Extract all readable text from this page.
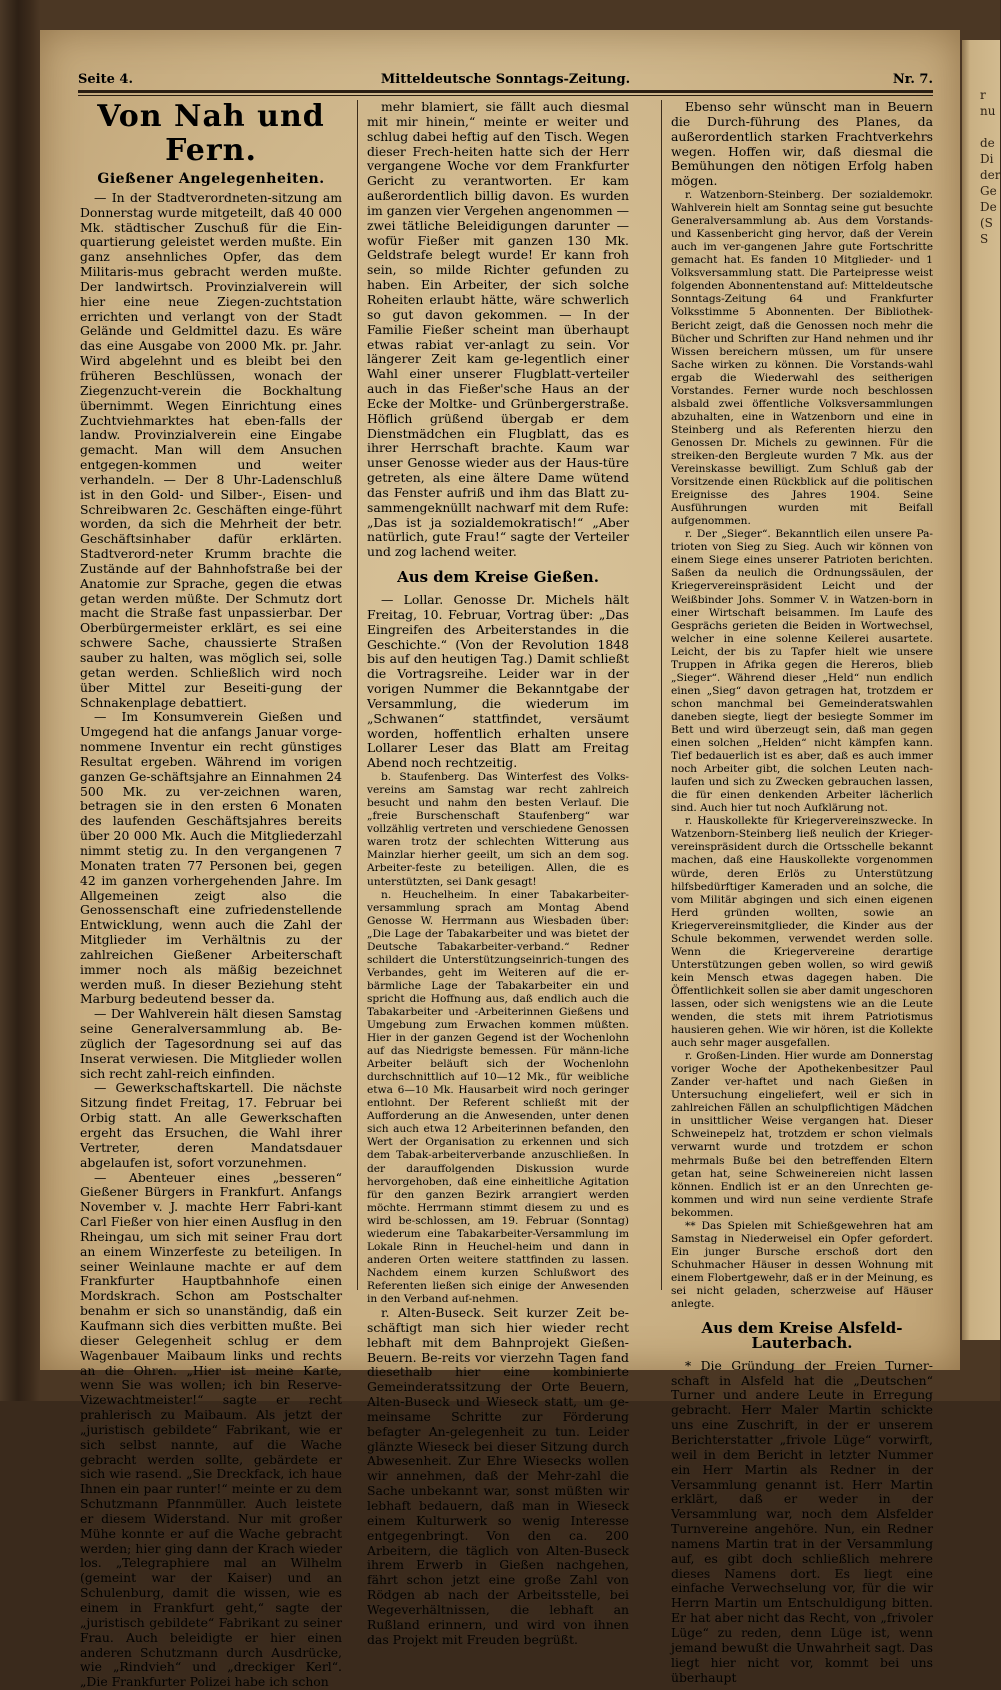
r
nu
de
Di
der
Ge
De
(S
S
Seite 4.	Mitteldeutsche Sonntags-Zeitung.	Nr. 7.
Von Nah und Fern.
Gießener Angelegenheiten.

— In der Stadtverordneten-sitzung am Donnerstag wurde mitgeteilt, daß 40 000 Mk. städtischer Zuschuß für die Ein-quartierung geleistet werden mußte. Ein ganz ansehnliches Opfer, das dem Militaris-mus gebracht werden mußte. Der landwirtsch. Provinzialverein will hier eine neue Ziegen-zuchtstation errichten und verlangt von der Stadt Gelände und Geldmittel dazu. Es wäre das eine Ausgabe von 2000 Mk. pr. Jahr. Wird abgelehnt und es bleibt bei den früheren Beschlüssen, wonach der Ziegenzucht-verein die Bockhaltung übernimmt. Wegen Einrichtung eines Zuchtviehmarktes hat eben-falls der landw. Provinzialverein eine Eingabe gemacht. Man will dem Ansuchen entgegen-kommen und weiter verhandeln. — Der 8 Uhr-Ladenschluß ist in den Gold- und Silber-, Eisen- und Schreibwaren 2c. Geschäften einge-führt worden, da sich die Mehrheit der betr. Geschäftsinhaber dafür erklärten. Stadtverord-neter Krumm brachte die Zustände auf der Bahnhofstraße bei der Anatomie zur Sprache, gegen die etwas getan werden müßte. Der Schmutz dort macht die Straße fast unpassierbar. Der Oberbürgermeister erklärt, es sei eine schwere Sache, chaussierte Straßen sauber zu halten, was möglich sei, solle getan werden. Schließlich wird noch über Mittel zur Beseiti-gung der Schnakenplage debattiert.

— Im Konsumverein Gießen und Umgegend hat die anfangs Januar vorge-nommene Inventur ein recht günstiges Resultat ergeben. Während im vorigen ganzen Ge-schäftsjahre an Einnahmen 24 500 Mk. zu ver-zeichnen waren, betragen sie in den ersten 6 Monaten des laufenden Geschäftsjahres bereits über 20 000 Mk. Auch die Mitgliederzahl nimmt stetig zu. In den vergangenen 7 Monaten traten 77 Personen bei, gegen 42 im ganzen vorhergehenden Jahre. Im Allgemeinen zeigt also die Genossenschaft eine zufriedenstellende Entwicklung, wenn auch die Zahl der Mitglieder im Verhältnis zu der zahlreichen Gießener Arbeiterschaft immer noch als mäßig bezeichnet werden muß. In dieser Beziehung steht Marburg bedeutend besser da.

— Der Wahlverein hält diesen Samstag seine Generalversammlung ab. Be-züglich der Tagesordnung sei auf das Inserat verwiesen. Die Mitglieder wollen sich recht zahl-reich einfinden.

— Gewerkschaftskartell. Die nächste Sitzung findet Freitag, 17. Februar bei Orbig statt. An alle Gewerkschaften ergeht das Ersuchen, die Wahl ihrer Vertreter, deren Mandatsdauer abgelaufen ist, sofort vorzunehmen.

— Abenteuer eines „besseren“ Gießener Bürgers in Frankfurt. Anfangs November v. J. machte Herr Fabri-kant Carl Fießer von hier einen Ausflug in den Rheingau, um sich mit seiner Frau dort an einem Winzerfeste zu beteiligen. In seiner Weinlaune machte er auf dem Frankfurter Hauptbahnhofe einen Mordskrach. Schon am Postschalter benahm er sich so unanständig, daß ein Kaufmann sich dies verbitten mußte. Bei dieser Gelegenheit schlug er dem Wagenbauer Maibaum links und rechts an die Ohren. „Hier ist meine Karte, wenn Sie was wollen; ich bin Reserve-Vizewachtmeister!“ sagte er recht prahlerisch zu Maibaum. Als jetzt der „juristisch gebildete“ Fabrikant, wie er sich selbst nannte, auf die Wache gebracht werden sollte, gebärdete er sich wie rasend. „Sie Dreckfack, ich haue Ihnen ein paar runter!“ meinte er zu dem Schutzmann Pfannmüller. Auch leistete er diesem Widerstand. Nur mit großer Mühe konnte er auf die Wache gebracht werden; hier ging dann der Krach wieder los. „Telegraphiere mal an Wilhelm (gemeint war der Kaiser) und an Schulenburg, damit die wissen, wie es einem in Frankfurt geht,“ sagte der „juristisch gebildete“ Fabrikant zu seiner Frau. Auch beleidigte er hier einen anderen Schutzmann durch Ausdrücke, wie „Rindvieh“ und „dreckiger Kerl“. „Die Frankfurter Polizei habe ich schon

mehr blamiert, sie fällt auch diesmal mit mir hinein,“ meinte er weiter und schlug dabei heftig auf den Tisch. Wegen dieser Frech-heiten hatte sich der Herr vergangene Woche vor dem Frankfurter Gericht zu verantworten. Er kam außerordentlich billig davon. Es wurden im ganzen vier Vergehen angenommen — zwei tätliche Beleidigungen darunter — wofür Fießer mit ganzen 130 Mk. Geldstrafe belegt wurde! Er kann froh sein, so milde Richter gefunden zu haben. Ein Arbeiter, der sich solche Roheiten erlaubt hätte, wäre schwerlich so gut davon gekommen. — In der Familie Fießer scheint man überhaupt etwas rabiat ver-anlagt zu sein. Vor längerer Zeit kam ge-legentlich einer Wahl einer unserer Flugblatt-verteiler auch in das Fießer'sche Haus an der Ecke der Moltke- und Grünbergerstraße. Höflich grüßend übergab er dem Dienstmädchen ein Flugblatt, das es ihrer Herrschaft brachte. Kaum war unser Genosse wieder aus der Haus-türe getreten, als eine ältere Dame wütend das Fenster aufriß und ihm das Blatt zu-sammengeknüllt nachwarf mit dem Rufe: „Das ist ja sozialdemokratisch!“ „Aber natürlich, gute Frau!“ sagte der Verteiler und zog lachend weiter.

Aus dem Kreise Gießen.

— Lollar. Genosse Dr. Michels hält Freitag, 10. Februar, Vortrag über: „Das Eingreifen des Arbeiterstandes in die Geschichte.“ (Von der Revolution 1848 bis auf den heutigen Tag.) Damit schließt die Vortragsreihe. Leider war in der vorigen Nummer die Bekanntgabe der Versammlung, die wiederum im „Schwanen“ stattfindet, versäumt worden, hoffentlich erhalten unsere Lollarer Leser das Blatt am Freitag Abend noch rechtzeitig.

b. Staufenberg. Das Winterfest des Volks-vereins am Samstag war recht zahlreich besucht und nahm den besten Verlauf. Die „freie Burschenschaft Staufenberg“ war vollzählig vertreten und verschiedene Genossen waren trotz der schlechten Witterung aus Mainzlar hierher geeilt, um sich an dem sog. Arbeiter-feste zu beteiligen. Allen, die es unterstützten, sei Dank gesagt!

n. Heuchelheim. In einer Tabakarbeiter-versammlung sprach am Montag Abend Genosse W. Herrmann aus Wiesbaden über: „Die Lage der Tabakarbeiter und was bietet der Deutsche Tabakarbeiter-verband.“ Redner schildert die Unterstützungseinrich-tungen des Verbandes, geht im Weiteren auf die er-bärmliche Lage der Tabakarbeiter ein und spricht die Hoffnung aus, daß endlich auch die Tabakarbeiter und -Arbeiterinnen Gießens und Umgebung zum Erwachen kommen müßten. Hier in der ganzen Gegend ist der Wochenlohn auf das Niedrigste bemessen. Für männ-liche Arbeiter beläuft sich der Wochenlohn durchschnittlich auf 10—12 Mk., für weibliche etwa 6—10 Mk. Hausarbeit wird noch geringer entlohnt. Der Referent schließt mit der Aufforderung an die Anwesenden, unter denen sich auch etwa 12 Arbeiterinnen befanden, den Wert der Organisation zu erkennen und sich dem Tabak-arbeiterverbande anzuschließen. In der darauffolgenden Diskussion wurde hervorgehoben, daß eine einheitliche Agitation für den ganzen Bezirk arrangiert werden möchte. Herrmann stimmt diesem zu und es wird be-schlossen, am 19. Februar (Sonntag) wiederum eine Tabakarbeiter-Versammlung im Lokale Rinn in Heuchel-heim und dann in anderen Orten weitere stattfinden zu lassen. Nachdem einem kurzen Schlußwort des Referenten ließen sich einige der Anwesenden in den Verband auf-nehmen.

r. Alten-Buseck. Seit kurzer Zeit be-schäftigt man sich hier wieder recht lebhaft mit dem Bahnprojekt Gießen-Beuern. Be-reits vor vierzehn Tagen fand diesethalb hier eine kombinierte Gemeinderatssitzung der Orte Beuern, Alten-Buseck und Wieseck statt, um ge-meinsame Schritte zur Förderung befagter An-gelegenheit zu tun. Leider glänzte Wieseck bei dieser Sitzung durch Abwesenheit. Zur Ehre Wiesecks wollen wir annehmen, daß der Mehr-zahl die Sache unbekannt war, sonst müßten wir lebhaft bedauern, daß man in Wieseck einem Kulturwerk so wenig Interesse entgegenbringt. Von den ca. 200 Arbeitern, die täglich von Alten-Buseck ihrem Erwerb in Gießen nachgehen, fährt schon jetzt eine große Zahl von Rödgen ab nach der Arbeitsstelle, bei Wegeverhältnissen, die lebhaft an Rußland erinnern, und wird von ihnen das Projekt mit Freuden begrüßt.

Ebenso sehr wünscht man in Beuern die Durch-führung des Planes, da außerordentlich starken Frachtverkehrs wegen. Hoffen wir, daß diesmal die Bemühungen den nötigen Erfolg haben mögen.

r. Watzenborn-Steinberg. Der sozialdemokr. Wahlverein hielt am Sonntag seine gut besuchte Generalversammlung ab. Aus dem Vorstands- und Kassenbericht ging hervor, daß der Verein auch im ver-gangenen Jahre gute Fortschritte gemacht hat. Es fanden 10 Mitglieder- und 1 Volksversammlung statt. Die Parteipresse weist folgenden Abonnentenstand auf: Mitteldeutsche Sonntags-Zeitung 64 und Frankfurter Volksstimme 5 Abonnenten. Der Bibliothek-Bericht zeigt, daß die Genossen noch mehr die Bücher und Schriften zur Hand nehmen und ihr Wissen bereichern müssen, um für unsere Sache wirken zu können. Die Vorstands-wahl ergab die Wiederwahl des seitherigen Vorstandes. Ferner wurde noch beschlossen alsbald zwei öffentliche Volksversammlungen abzuhalten, eine in Watzenborn und eine in Steinberg und als Referenten hierzu den Genossen Dr. Michels zu gewinnen. Für die streiken-den Bergleute wurden 7 Mk. aus der Vereinskasse bewilligt. Zum Schluß gab der Vorsitzende einen Rückblick auf die politischen Ereignisse des Jahres 1904. Seine Ausführungen wurden mit Beifall aufgenommen.

r. Der „Sieger“. Bekanntlich eilen unsere Pa-trioten von Sieg zu Sieg. Auch wir können von einem Siege eines unserer Patrioten berichten. Saßen da neulich die Ordnungssäulen, der Kriegervereinspräsident Leicht und der Weißbinder Johs. Sommer V. in Watzen-born in einer Wirtschaft beisammen. Im Laufe des Gesprächs gerieten die Beiden in Wortwechsel, welcher in eine solenne Keilerei ausartete. Leicht, der bis zu Tapfer hielt wie unsere Truppen in Afrika gegen die Hereros, blieb „Sieger“. Während dieser „Held“ nun endlich einen „Sieg“ davon getragen hat, trotzdem er schon manchmal bei Gemeinderatswahlen daneben siegte, liegt der besiegte Sommer im Bett und wird überzeugt sein, daß man gegen einen solchen „Helden“ nicht kämpfen kann. Tief bedauerlich ist es aber, daß es auch immer noch Arbeiter gibt, die solchen Leuten nach-laufen und sich zu Zwecken gebrauchen lassen, die für einen denkenden Arbeiter lächerlich sind. Auch hier tut noch Aufklärung not.

r. Hauskollekte für Kriegervereinszwecke. In Watzenborn-Steinberg ließ neulich der Krieger-vereinspräsident durch die Ortsschelle bekannt machen, daß eine Hauskollekte vorgenommen würde, deren Erlös zu Unterstützung hilfsbedürftiger Kameraden und an solche, die vom Militär abgingen und sich einen eigenen Herd gründen wollten, sowie an Kriegervereinsmitglieder, die Kinder aus der Schule bekommen, verwendet werden solle. Wenn die Kriegervereine derartige Unterstützungen geben wollen, so wird gewiß kein Mensch etwas dagegen haben. Die Öffentlichkeit sollen sie aber damit ungeschoren lassen, oder sich wenigstens wie an die Leute wenden, die stets mit ihrem Patriotismus hausieren gehen. Wie wir hören, ist die Kollekte auch sehr mager ausgefallen.

r. Großen-Linden. Hier wurde am Donnerstag voriger Woche der Apothekenbesitzer Paul Zander ver-haftet und nach Gießen in Untersuchung eingeliefert, weil er sich in zahlreichen Fällen an schulpflichtigen Mädchen in unsittlicher Weise vergangen hat. Dieser Schweinepelz hat, trotzdem er schon vielmals verwarnt wurde und trotzdem er schon mehrmals Buße bei den betreffenden Eltern getan hat, seine Schweinereien nicht lassen können. Endlich ist er an den Unrechten ge-kommen und wird nun seine verdiente Strafe bekommen.

** Das Spielen mit Schießgewehren hat am Samstag in Niederweisel ein Opfer gefordert. Ein junger Bursche erschoß dort den Schuhmacher Häuser in dessen Wohnung mit einem Flobertgewehr, daß er in der Meinung, es sei nicht geladen, scherzweise auf Häuser anlegte.

Aus dem Kreise Alsfeld-Lauterbach.

* Die Gründung der Freien Turner-schaft in Alsfeld hat die „Deutschen“ Turner und andere Leute in Erregung gebracht. Herr Maler Martin schickte uns eine Zuschrift, in der er unserem Berichterstatter „frivole Lüge“ vorwirft, weil in dem Bericht in letzter Nummer ein Herr Martin als Redner in der Versammlung genannt ist. Herr Martin erklärt, daß er weder in der Versammlung war, noch dem Alsfelder Turnvereine angehöre. Nun, ein Redner namens Martin trat in der Versammlung auf, es gibt doch schließlich mehrere dieses Namens dort. Es liegt eine einfache Verwechselung vor, für die wir Herrn Martin um Entschuldigung bitten. Er hat aber nicht das Recht, von „frivoler Lüge“ zu reden, denn Lüge ist, wenn jemand bewußt die Unwahrheit sagt. Das liegt hier nicht vor, kommt bei uns überhaupt
